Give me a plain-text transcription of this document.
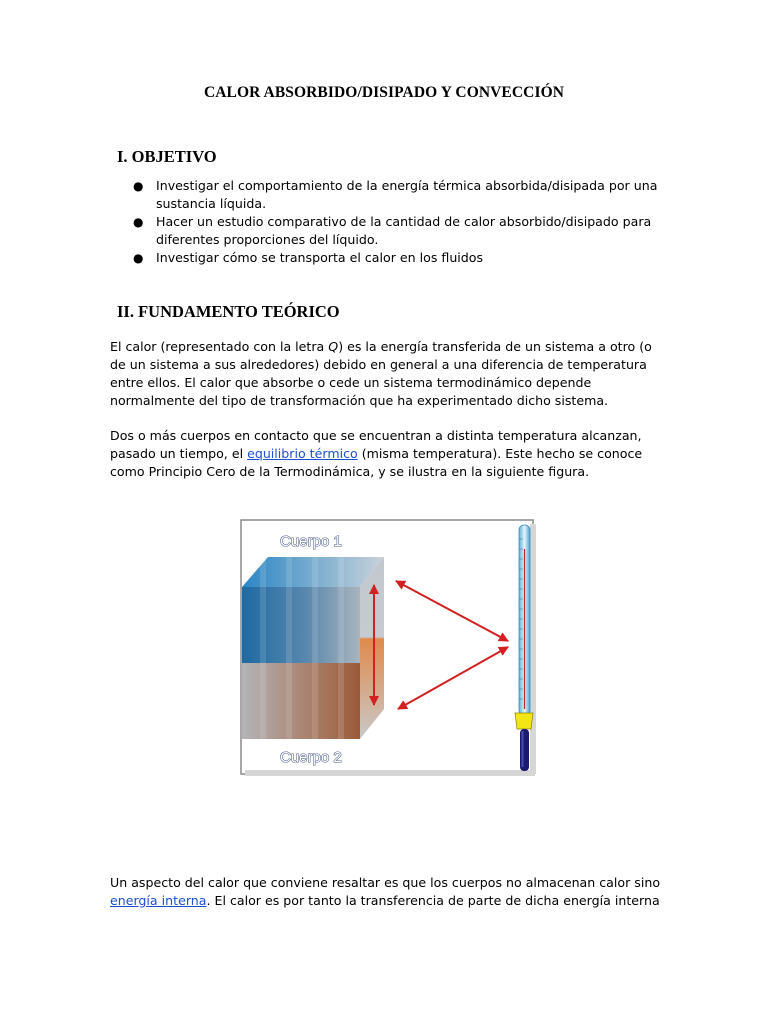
CALOR ABSORBIDO/DISIPADO Y CONVECCIÓN
I. OBJETIVO
● Investigar el comportamiento de la energía térmica absorbida/disipada por una
sustancia líquida.
● Hacer un estudio comparativo de la cantidad de calor absorbido/disipado para
diferentes proporciones del líquido.
● Investigar cómo se transporta el calor en los fluidos
II. FUNDAMENTO TEÓRICO

El calor (representado con la letra Q) es la energía transferida de un sistema a otro (o
de un sistema a sus alrededores) debido en general a una diferencia de temperatura
entre ellos. El calor que absorbe o cede un sistema termodinámico depende
normalmente del tipo de transformación que ha experimentado dicho sistema.

Dos o más cuerpos en contacto que se encuentran a distinta temperatura alcanzan,
pasado un tiempo, el equilibrio térmico (misma temperatura). Este hecho se conoce
como Principio Cero de la Termodinámica, y se ilustra en la siguiente figura.

Cuerpo 1
Cuerpo 2

Un aspecto del calor que conviene resaltar es que los cuerpos no almacenan calor sino
energía interna. El calor es por tanto la transferencia de parte de dicha energía interna
